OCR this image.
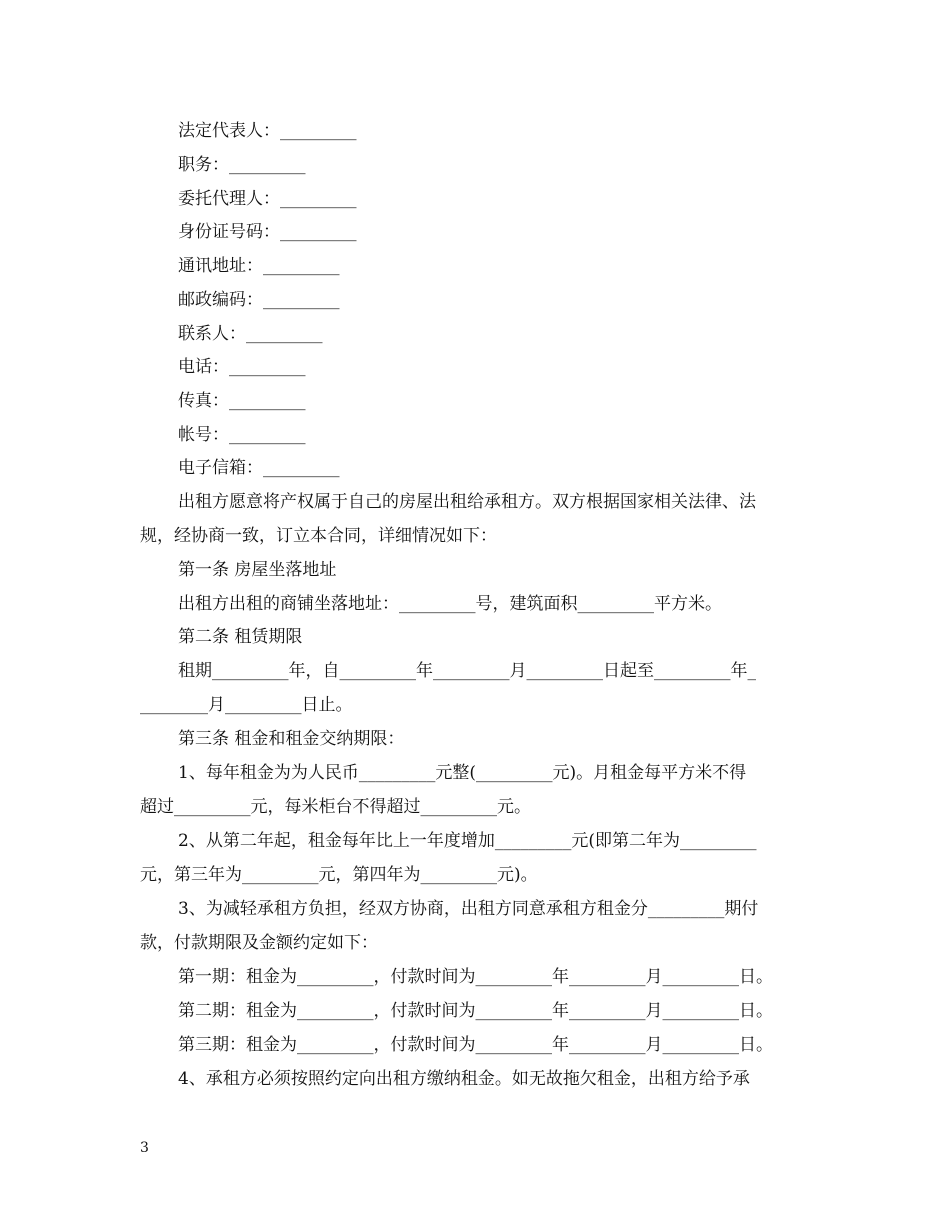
法定代表人：_________
职务：_________
委托代理人：_________
身份证号码：_________
通讯地址：_________
邮政编码：_________
联系人：_________
电话：_________
传真：_________
帐号：_________
电子信箱：_________
出租方愿意将产权属于自己的房屋出租给承租方。双方根据国家相关法律、法
规，经协商一致，订立本合同，详细情况如下：
第一条 房屋坐落地址
出租方出租的商铺坐落地址：_________号，建筑面积_________平方米。
第二条 租赁期限
租期_________年，自_________年_________月_________日起至_________年_
________月_________日止。
第三条 租金和租金交纳期限：
1、每年租金为为人民币_________元整(_________元)。月租金每平方米不得
超过_________元，每米柜台不得超过_________元。
2、从第二年起，租金每年比上一年度增加_________元(即第二年为_________
元，第三年为_________元，第四年为_________元)。
3、为减轻承租方负担，经双方协商，出租方同意承租方租金分_________期付
款，付款期限及金额约定如下：
第一期：租金为_________，付款时间为_________年_________月_________日。
第二期：租金为_________，付款时间为_________年_________月_________日。
第三期：租金为_________，付款时间为_________年_________月_________日。
4、承租方必须按照约定向出租方缴纳租金。如无故拖欠租金，出租方给予承
3
